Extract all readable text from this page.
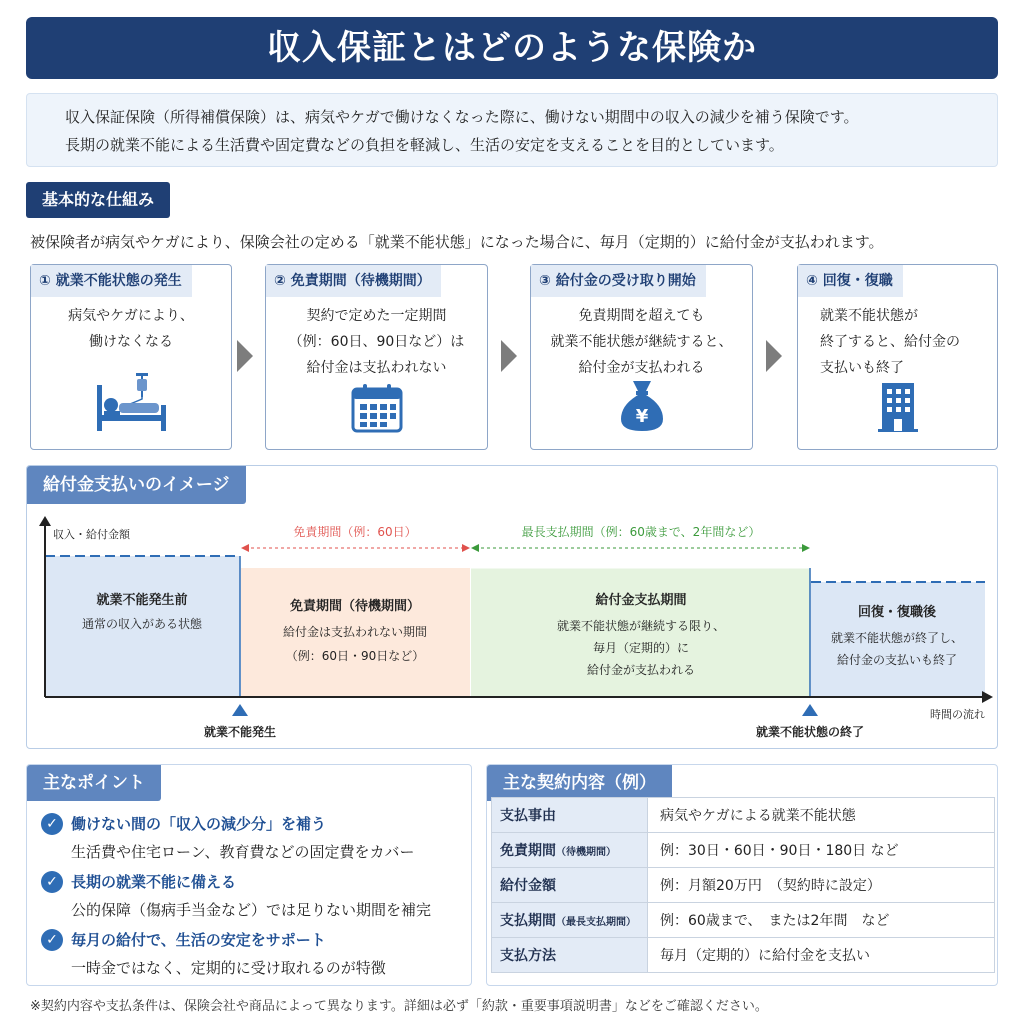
収入保証とはどのような保険か
収入保証保険（所得補償保険）は、病気やケガで働けなくなった際に、働けない期間中の収入の減少を補う保険です。
長期の就業不能による生活費や固定費などの負担を軽減し、生活の安定を支えることを目的としています。
基本的な仕組み
被保険者が病気やケガにより、保険会社の定める「就業不能状態」になった場合に、毎月（定期的）に給付金が支払われます。
① 就業不能状態の発生
病気やケガにより、
働けなくなる
② 免責期間（待機期間）
契約で定めた一定期間
（例：60日、90日など）は
給付金は支払われない
③ 給付金の受け取り開始
免責期間を超えても
就業不能状態が継続すると、
給付金が支払われる
¥
④ 回復・復職
就業不能状態が
終了すると、給付金の
支払いも終了
収入・給付金額
時間の流れ
免責期間（例：60日）	最長支払期間（例：60歳まで、2年間など）
就業不能発生前
通常の収入がある状態
免責期間（待機期間）
給付金は支払われない期間
（例：60日・90日など）
給付金支払期間
就業不能状態が継続する限り、
毎月（定期的）に
給付金が支払われる
回復・復職後
就業不能状態が終了し、
給付金の支払いも終了
就業不能発生	就業不能状態の終了
給付金支払いのイメージ
主なポイント
✓ 働けない間の「収入の減少分」を補う
生活費や住宅ローン、教育費などの固定費をカバー
✓ 長期の就業不能に備える
公的保障（傷病手当金など）では足りない期間を補完
✓ 毎月の給付で、生活の安定をサポート
一時金ではなく、定期的に受け取れるのが特徴
主な契約内容（例）
支払事由	病気やケガによる就業不能状態
免責期間（待機期間）	例：30日・60日・90日・180日 など
給付金額	例：月額20万円　（契約時に設定）
支払期間（最長支払期間）	例：60歳まで、　または2年間　など
支払方法	毎月（定期的）に給付金を支払い
※契約内容や支払条件は、保険会社や商品によって異なります。詳細は必ず「約款・重要事項説明書」などをご確認ください。
